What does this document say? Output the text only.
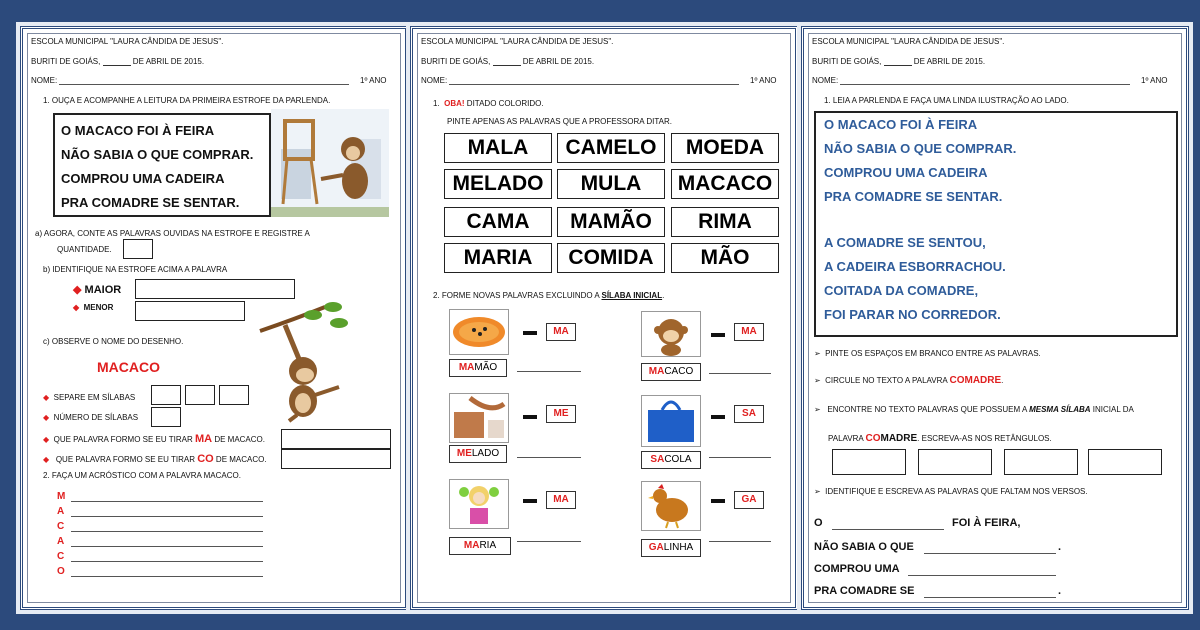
ESCOLA MUNICIPAL "LAURA CÂNDIDA DE JESUS".
BURITI DE GOIÁS,	DE ABRIL DE 2015.
NOME:	1º ANO
1. OUÇA E ACOMPANHE A LEITURA DA PRIMEIRA ESTROFE DA PARLENDA.
O MACACO FOI À FEIRA
NÃO SABIA O QUE COMPRAR.
COMPROU UMA CADEIRA
PRA COMADRE SE SENTAR.
a) AGORA, CONTE AS PALAVRAS OUVIDAS NA ESTROFE E REGISTRE A
QUANTIDADE.
b) IDENTIFIQUE NA ESTROFE ACIMA A PALAVRA
◆ MAIOR
◆ MENOR
c) OBSERVE O NOME DO DESENHO.
MACACO
◆ SEPARE EM SÍLABAS
◆ NÚMERO DE SÍLABAS
◆ QUE PALAVRA FORMO SE EU TIRAR MA DE MACACO.
◆   QUE PALAVRA FORMO SE EU TIRAR CO DE MACACO.
2. FAÇA UM ACRÓSTICO COM A PALAVRA MACACO.
M
A
C
A
C
O
ESCOLA MUNICIPAL "LAURA CÂNDIDA DE JESUS".
BURITI DE GOIÁS,	DE ABRIL DE 2015.
NOME:	1º ANO
1. OBA! DITADO COLORIDO.
PINTE APENAS AS PALAVRAS QUE A PROFESSORA DITAR.
MALA	CAMELO	MOEDA
MELADO	MULA	MACACO
CAMA	MAMÃO	RIMA
MARIA	COMIDA	MÃO
2. FORME NOVAS PALAVRAS EXCLUINDO A SÍLABA INICIAL.
MA
MAMÃO
MA
MACACO
ME
MELADO
SA
SACOLA
MA
MARIA
GA
GALINHA
ESCOLA MUNICIPAL "LAURA CÂNDIDA DE JESUS".
BURITI DE GOIÁS,	DE ABRIL DE 2015.
NOME:	1º ANO
1. LEIA A PARLENDA E FAÇA UMA LINDA ILUSTRAÇÃO AO LADO.
O MACACO FOI À FEIRA
NÃO SABIA O QUE COMPRAR.
COMPROU UMA CADEIRA
PRA COMADRE SE SENTAR.
A COMADRE SE SENTOU,
A CADEIRA ESBORRACHOU.
COITADA DA COMADRE,
FOI PARAR NO CORREDOR.
➢ PINTE OS ESPAÇOS EM BRANCO ENTRE AS PALAVRAS.
➢ CIRCULE NO TEXTO A PALAVRA COMADRE.
➢ ENCONTRE NO TEXTO PALAVRAS QUE POSSUEM A MESMA SÍLABA INICIAL DA
PALAVRA COMADRE. ESCREVA-AS NOS RETÂNGULOS.
➢ IDENTIFIQUE E ESCREVA AS PALAVRAS QUE FALTAM NOS VERSOS.
O	FOI À FEIRA,
NÃO SABIA O QUE	.
COMPROU UMA
PRA COMADRE SE	.
